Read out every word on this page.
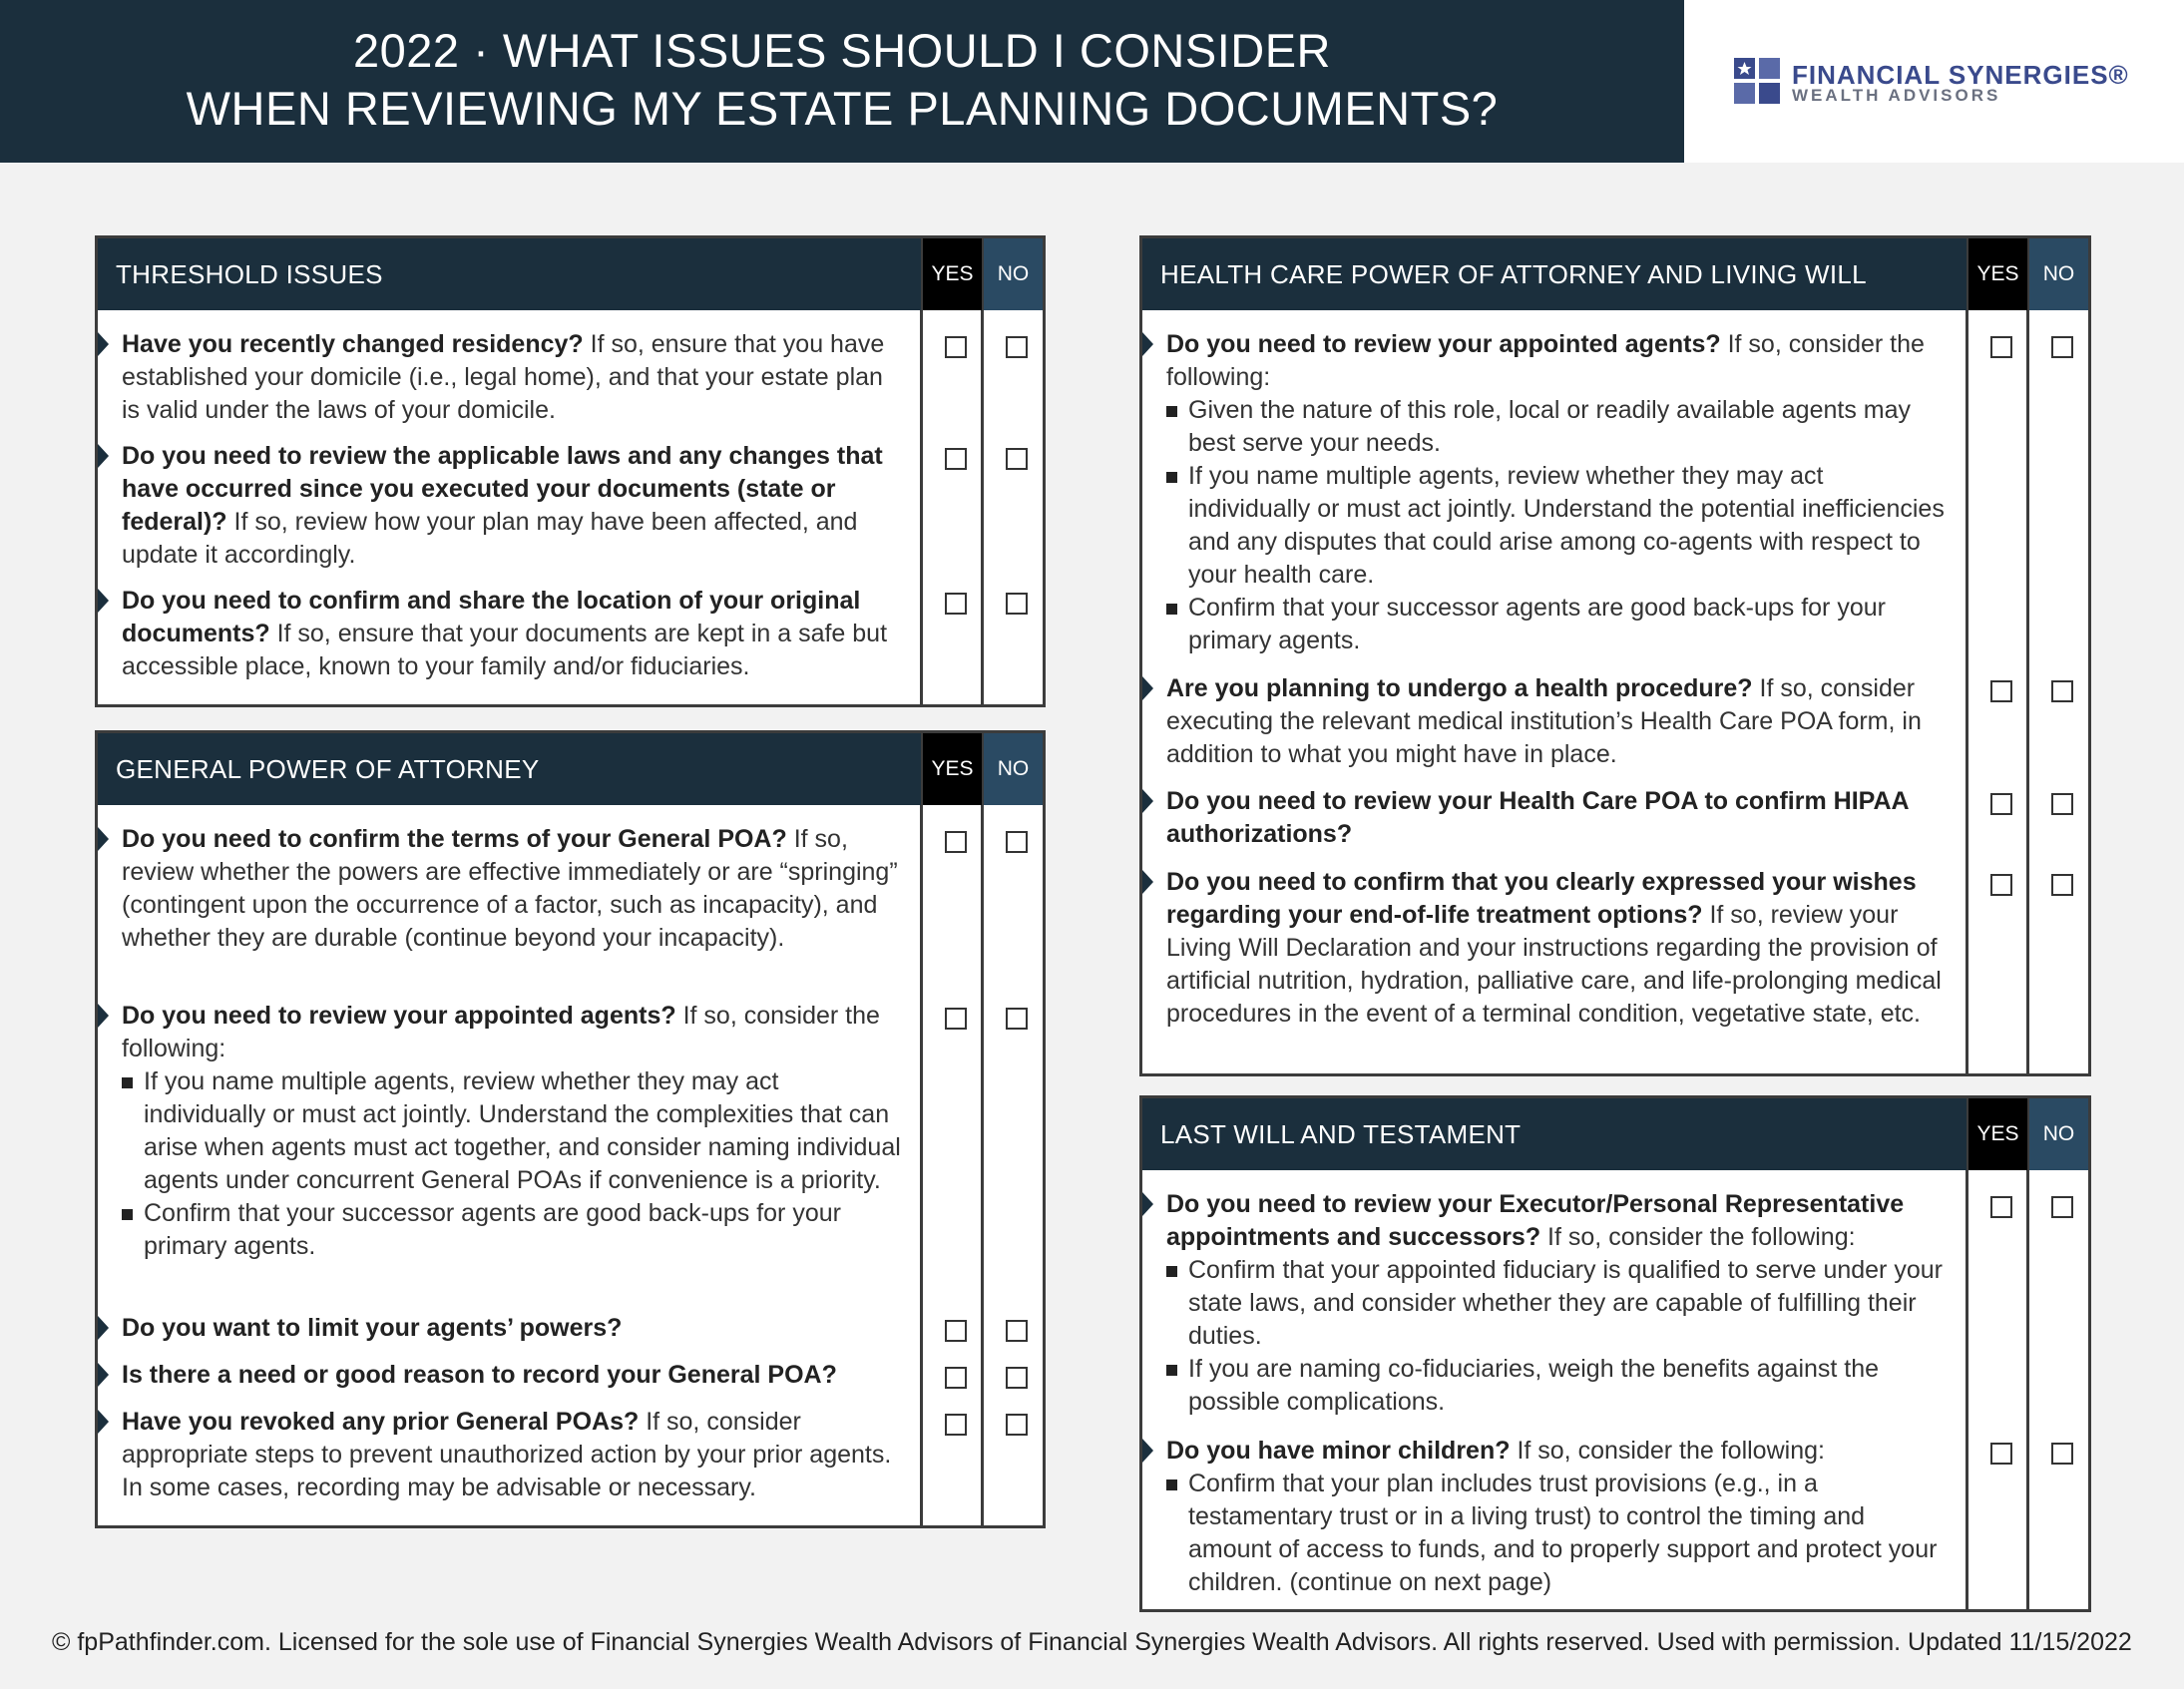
2022 · WHAT ISSUES SHOULD I CONSIDER
WHEN REVIEWING MY ESTATE PLANNING DOCUMENTS?
FINANCIAL SYNERGIES®
WEALTH ADVISORS
THRESHOLD ISSUES	YES	NO
Have you recently changed residency? If so, ensure that you have established your domicile (i.e., legal home), and that your estate plan is valid under the laws of your domicile.
Do you need to review the applicable laws and any changes that have occurred since you executed your documents (state or federal)? If so, review how your plan may have been affected, and update it accordingly.
Do you need to confirm and share the location of your original documents? If so, ensure that your documents are kept in a safe but accessible place, known to your family and/or fiduciaries.
GENERAL POWER OF ATTORNEY	YES	NO
Do you need to confirm the terms of your General POA? If so, review whether the powers are effective immediately or are “springing” (contingent upon the occurrence of a factor, such as incapacity), and whether they are durable (continue beyond your incapacity).
Do you need to review your appointed agents? If so, consider the following:
If you name multiple agents, review whether they may act individually or must act jointly. Understand the complexities that can arise when agents must act together, and consider naming individual agents under concurrent General POAs if convenience is a priority.
Confirm that your successor agents are good back-ups for your primary agents.
Do you want to limit your agents’ powers?
Is there a need or good reason to record your General POA?
Have you revoked any prior General POAs? If so, consider appropriate steps to prevent unauthorized action by your prior agents. In some cases, recording may be advisable or necessary.
HEALTH CARE POWER OF ATTORNEY AND LIVING WILL	YES	NO
Do you need to review your appointed agents? If so, consider the following:
Given the nature of this role, local or readily available agents may best serve your needs.
If you name multiple agents, review whether they may act individually or must act jointly. Understand the potential inefficiencies and any disputes that could arise among co-agents with respect to your health care.
Confirm that your successor agents are good back-ups for your primary agents.
Are you planning to undergo a health procedure? If so, consider executing the relevant medical institution’s Health Care POA form, in addition to what you might have in place.
Do you need to review your Health Care POA to confirm HIPAA authorizations?
Do you need to confirm that you clearly expressed your wishes regarding your end-of-life treatment options? If so, review your Living Will Declaration and your instructions regarding the provision of artificial nutrition, hydration, palliative care, and life-prolonging medical procedures in the event of a terminal condition, vegetative state, etc.
LAST WILL AND TESTAMENT	YES	NO
Do you need to review your Executor/Personal Representative appointments and successors? If so, consider the following:
Confirm that your appointed fiduciary is qualified to serve under your state laws, and consider whether they are capable of fulfilling their duties.
If you are naming co-fiduciaries, weigh the benefits against the possible complications.
Do you have minor children? If so, consider the following:
Confirm that your plan includes trust provisions (e.g., in a testamentary trust or in a living trust) to control the timing and amount of access to funds, and to properly support and protect your children. (continue on next page)
© fpPathfinder.com. Licensed for the sole use of Financial Synergies Wealth Advisors of Financial Synergies Wealth Advisors. All rights reserved. Used with permission. Updated 11/15/2022
